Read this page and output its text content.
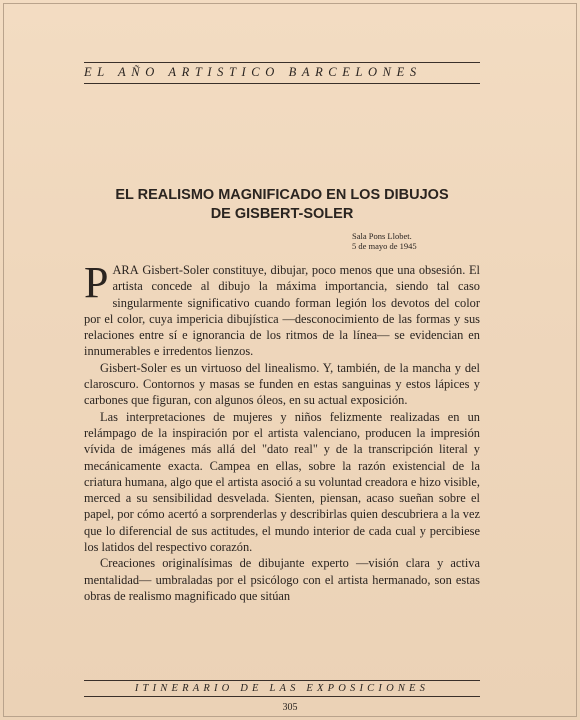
EL AÑO ARTISTICO BARCELONES
EL REALISMO MAGNIFICADO EN LOS DIBUJOS
DE GISBERT-SOLER
Sala Pons Llobet.
5 de mayo de 1945

PARA Gisbert-Soler constituye, dibujar, poco menos que una obsesión. El artista concede al dibujo la máxima importancia, siendo tal caso singularmente significativo cuando forman legión los devotos del color por el color, cuya impericia dibujística —desconocimiento de las formas y sus relaciones entre sí e ignorancia de los ritmos de la línea— se evidencian en innumerables e irredentos lienzos.

Gisbert-Soler es un virtuoso del linealismo. Y, también, de la mancha y del claroscuro. Contornos y masas se funden en estas sanguinas y estos lápices y carbones que figuran, con algunos óleos, en su actual exposición.

Las interpretaciones de mujeres y niños felizmente realizadas en un relámpago de la inspiración por el artista valenciano, producen la impresión vívida de imágenes más allá del "dato real" y de la transcripción literal y mecánicamente exacta. Campea en ellas, sobre la razón existencial de la criatura humana, algo que el artista asoció a su voluntad creadora e hizo visible, merced a su sensibilidad desvelada. Sienten, piensan, acaso sueñan sobre el papel, por cómo acertó a sorprenderlas y describirlas quien descubriera a la vez que lo diferencial de sus actitudes, el mundo interior de cada cual y percibiese los latidos del respectivo corazón.

Creaciones originalísimas de dibujante experto —visión clara y activa mentalidad— umbraladas por el psicólogo con el artista hermanado, son estas obras de realismo magnificado que sitúan

ITINERARIO DE LAS EXPOSICIONES
305
